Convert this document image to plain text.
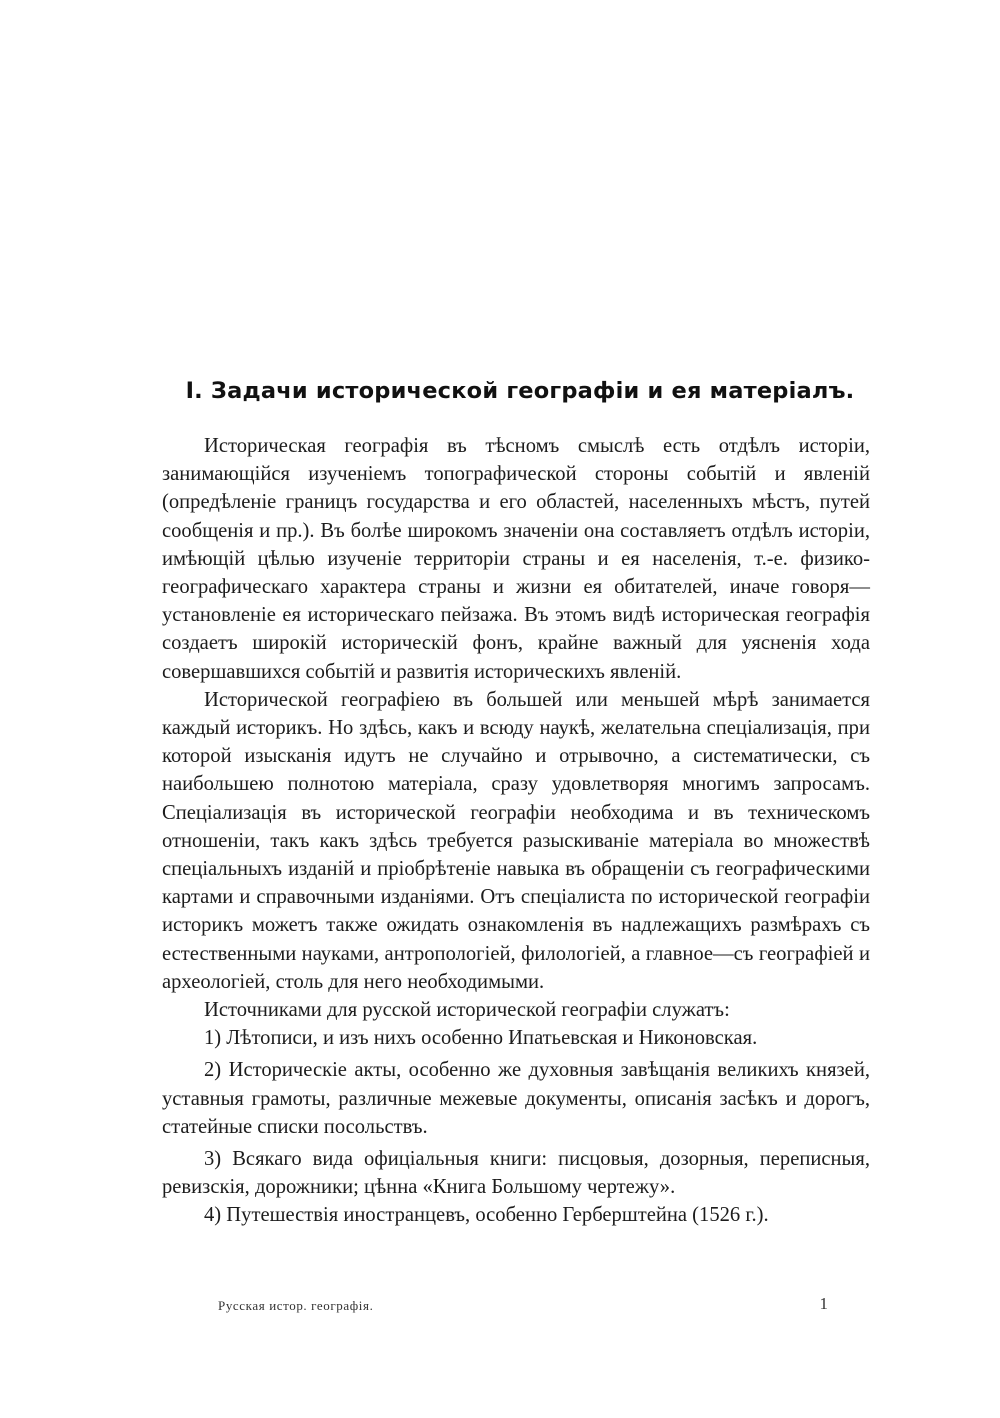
I. Задачи исторической географіи и ея матеріалъ.

Историческая географія въ тѣсномъ смыслѣ есть отдѣлъ исторіи, занимающійся изученіемъ топографической стороны событій и явленій (опредѣленіе границъ государства и его областей, населенныхъ мѣстъ, путей сообщенія и пр.). Въ болѣе широкомъ значеніи она составляетъ отдѣлъ исторіи, имѣющій цѣлью изученіе территоріи страны и ея населенія, т.-е. физико-географическаго характера страны и жизни ея обитателей, иначе говоря—установленіе ея историческаго пейзажа. Въ этомъ видѣ историческая географія создаетъ широкій историческій фонъ, крайне важный для уясненія хода совершавшихся событій и развитія историческихъ явленій.

Исторической географіею въ большей или меньшей мѣрѣ занимается каждый историкъ. Но здѣсь, какъ и всюду наукѣ, желательна спеціализація, при которой изысканія идутъ не случайно и отрывочно, а систематически, съ наибольшею полнотою матеріала, сразу удовлетворяя многимъ запросамъ. Спеціализація въ исторической географіи необходима и въ техническомъ отношеніи, такъ какъ здѣсь требуется разыскиваніе матеріала во множествѣ спеціальныхъ изданій и пріобрѣтеніе навыка въ обращеніи съ географическими картами и справочными изданіями. Отъ спеціалиста по исторической географіи историкъ можетъ также ожидать ознакомленія въ надлежащихъ размѣрахъ съ естественными науками, антропологіей, филологіей, а главное—съ географіей и археологіей, столь для него необходимыми.

Источниками для русской исторической географіи служатъ:

1) Лѣтописи, и изъ нихъ особенно Ипатьевская и Никоновская.

2) Историческіе акты, особенно же духовныя завѣщанія великихъ князей, уставныя грамоты, различные межевые документы, описанія засѣкъ и дорогъ, статейные списки посольствъ.

3) Всякаго вида офиціальныя книги: писцовыя, дозорныя, переписныя, ревизскія, дорожники; цѣнна «Книга Большому чертежу».

4) Путешествія иностранцевъ, особенно Герберштейна (1526 г.).

Русская истор. географія.	1
